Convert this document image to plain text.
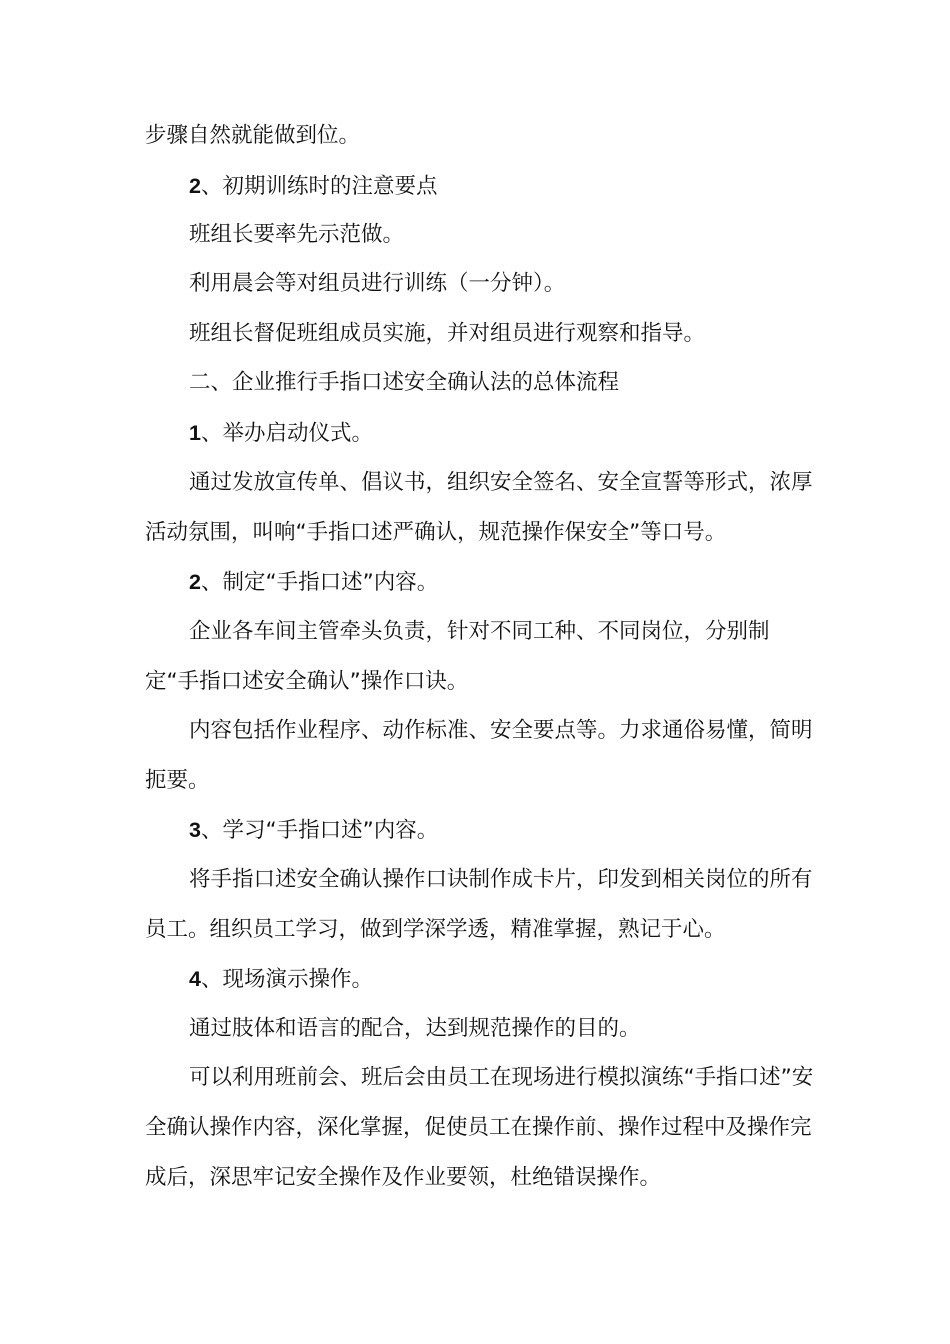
步骤自然就能做到位。

2、初期训练时的注意要点

班组长要率先示范做。

利用晨会等对组员进行训练（一分钟）。

班组长督促班组成员实施，并对组员进行观察和指导。

二、企业推行手指口述安全确认法的总体流程

1、举办启动仪式。

通过发放宣传单、倡议书，组织安全签名、安全宣誓等形式，浓厚活动氛围，叫响“手指口述严确认，规范操作保安全”等口号。

2、制定“手指口述”内容。

企业各车间主管牵头负责，针对不同工种、不同岗位，分别制定“手指口述安全确认”操作口诀。

内容包括作业程序、动作标准、安全要点等。力求通俗易懂，简明扼要。

3、学习“手指口述”内容。

将手指口述安全确认操作口诀制作成卡片，印发到相关岗位的所有员工。组织员工学习，做到学深学透，精准掌握，熟记于心。

4、现场演示操作。

通过肢体和语言的配合，达到规范操作的目的。

可以利用班前会、班后会由员工在现场进行模拟演练“手指口述”安全确认操作内容，深化掌握，促使员工在操作前、操作过程中及操作完成后，深思牢记安全操作及作业要领，杜绝错误操作。
